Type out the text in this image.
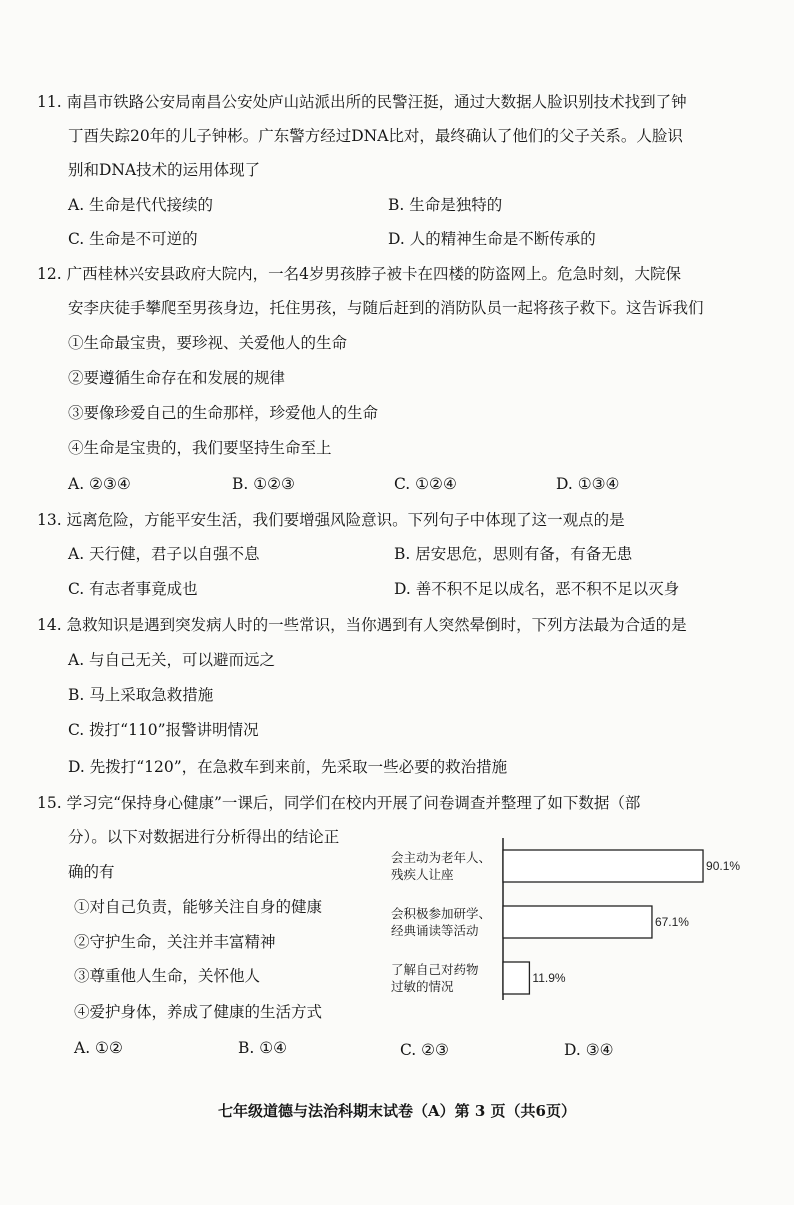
11. 南昌市铁路公安局南昌公安处庐山站派出所的民警汪挺，通过大数据人脸识别技术找到了钟
丁酉失踪20年的儿子钟彬。广东警方经过DNA比对，最终确认了他们的父子关系。人脸识
别和DNA技术的运用体现了
A. 生命是代代接续的	B. 生命是独特的
C. 生命是不可逆的	D. 人的精神生命是不断传承的
12. 广西桂林兴安县政府大院内，一名4岁男孩脖子被卡在四楼的防盗网上。危急时刻，大院保
安李庆徒手攀爬至男孩身边，托住男孩，与随后赶到的消防队员一起将孩子救下。这告诉我们
①生命最宝贵，要珍视、关爱他人的生命
②要遵循生命存在和发展的规律
③要像珍爱自己的生命那样，珍爱他人的生命
④生命是宝贵的，我们要坚持生命至上
A. ②③④	B. ①②③	C. ①②④	D. ①③④
13. 远离危险，方能平安生活，我们要增强风险意识。下列句子中体现了这一观点的是
A. 天行健，君子以自强不息	B. 居安思危，思则有备，有备无患
C. 有志者事竟成也	D. 善不积不足以成名，恶不积不足以灭身
14. 急救知识是遇到突发病人时的一些常识，当你遇到有人突然晕倒时，下列方法最为合适的是
A. 与自己无关，可以避而远之
B. 马上采取急救措施
C. 拨打“110”报警讲明情况
D. 先拨打“120”，在急救车到来前，先采取一些必要的救治措施
15. 学习完“保持身心健康”一课后，同学们在校内开展了问卷调查并整理了如下数据（部
分）。以下对数据进行分析得出的结论正
确的有
①对自己负责，能够关注自身的健康
②守护生命，关注并丰富精神
③尊重他人生命，关怀他人
④爱护身体，养成了健康的生活方式
A. ①②	B. ①④	C. ②③	D. ③④
90.1%
会主动为老年人、
残疾人让座
67.1%
会积极参加研学、
经典诵读等活动
11.9%
了解自己对药物
过敏的情况
七年级道德与法治科期末试卷（A）第 3 页（共6页）
